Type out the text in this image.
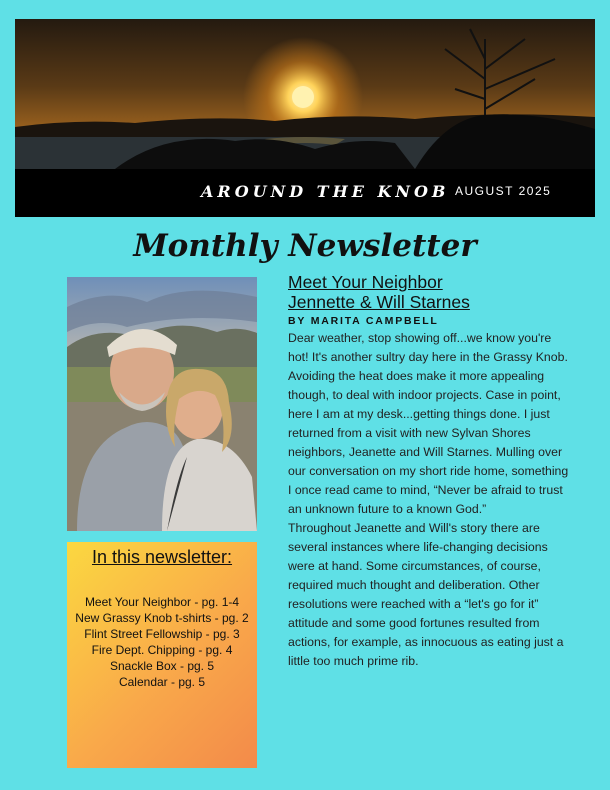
AROUND THE KNOB AUGUST 2025
Monthly Newsletter
In this newsletter:
Meet Your Neighbor - pg. 1-4
New Grassy Knob t-shirts - pg. 2
Flint Street Fellowship - pg. 3
Fire Dept. Chipping - pg. 4
Snackle Box - pg. 5
Calendar - pg. 5
Meet Your Neighbor
Jennette & Will Starnes
BY MARITA CAMPBELL

Dear weather, stop showing off...we know you're hot! It's another sultry day here in the Grassy Knob. Avoiding the heat does make it more appealing though, to deal with indoor projects. Case in point, here I am at my desk...getting things done. I just returned from a visit with new Sylvan Shores neighbors, Jeanette and Will Starnes. Mulling over our conversation on my short ride home, something I once read came to mind, “Never be afraid to trust an unknown future to a known God.”

Throughout Jeanette and Will's story there are several instances where life-changing decisions were at hand. Some circumstances, of course, required much thought and deliberation. Other resolutions were reached with a “let's go for it” attitude and some good fortunes resulted from actions, for example, as innocuous as eating just a little too much prime rib.
